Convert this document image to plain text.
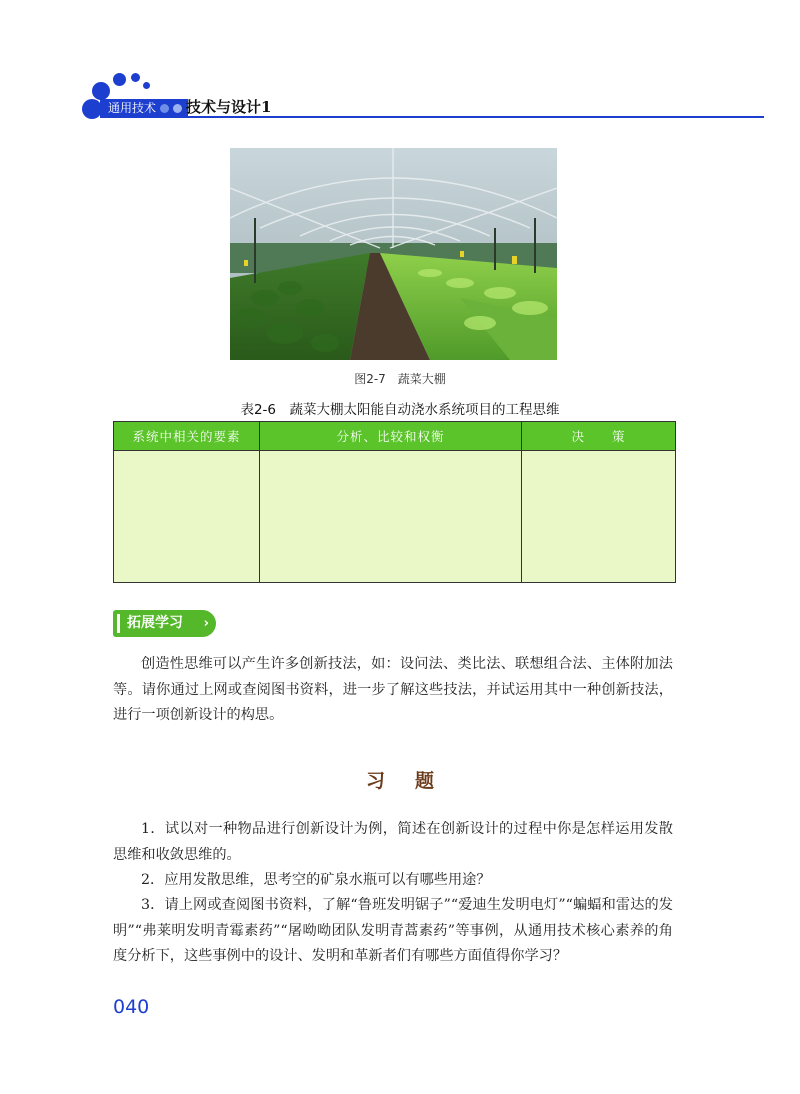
通用技术 技术与设计1
图2-7　蔬菜大棚
表2-6　蔬菜大棚太阳能自动浇水系统项目的工程思维
系统中相关的要素	分析、比较和权衡	决　　策

拓展学习 ›
创造性思维可以产生许多创新技法，如：设问法、类比法、联想组合法、主体附加法等。请你通过上网或查阅图书资料，进一步了解这些技法，并试运用其中一种创新技法，进行一项创新设计的构思。
习题
1．试以对一种物品进行创新设计为例，简述在创新设计的过程中你是怎样运用发散思维和收敛思维的。
2．应用发散思维，思考空的矿泉水瓶可以有哪些用途？
3．请上网或查阅图书资料，了解“鲁班发明锯子”“爱迪生发明电灯”“蝙蝠和雷达的发明”“弗莱明发明青霉素药”“屠呦呦团队发明青蒿素药”等事例，从通用技术核心素养的角度分析下，这些事例中的设计、发明和革新者们有哪些方面值得你学习？
040
